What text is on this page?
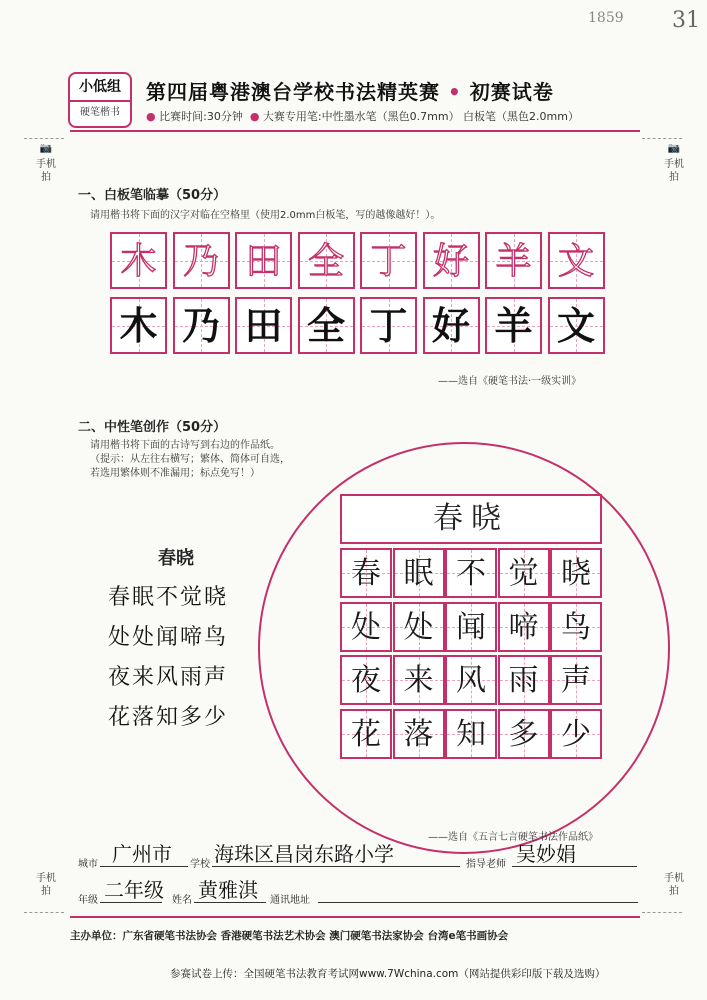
1859 31
小低组
硬笔楷书
第四届粤港澳台学校书法精英赛 • 初赛试卷
● 比赛时间:30分钟  ● 大赛专用笔:中性墨水笔（黑色0.7mm） 白板笔（黑色2.0mm）
📷
手机拍
📷
手机拍
手机拍
手机拍
一、白板笔临摹（50分）
请用楷书将下面的汉字对临在空格里（使用2.0mm白板笔，写的越像越好！）。
木 乃 田 全 丁 好 羊 文
木 乃 田 全 丁 好 羊 文
——选自《硬笔书法·一级实训》
二、中性笔创作（50分）
请用楷书将下面的古诗写到右边的作品纸。
（提示：从左往右横写；繁体、简体可自选，
若选用繁体则不准漏用；标点免写！）
春晓
春眠不觉晓
处处闻啼鸟
夜来风雨声
花落知多少
春晓
春 眠 不 觉 晓
处 处 闻 啼 鸟
夜 来 风 雨 声
花 落 知 多 少
——选自《五言七言硬笔书法作品纸》
城市 广州市 学校 海珠区昌岗东路小学	指导老师 吴妙娟
年级 二年级 姓名 黄雅淇 通讯地址
主办单位：广东省硬笔书法协会 香港硬笔书法艺术协会 澳门硬笔书法家协会 台湾e笔书画协会
参赛试卷上传：全国硬笔书法教育考试网www.7Wchina.com（网站提供彩印版下载及选购）
